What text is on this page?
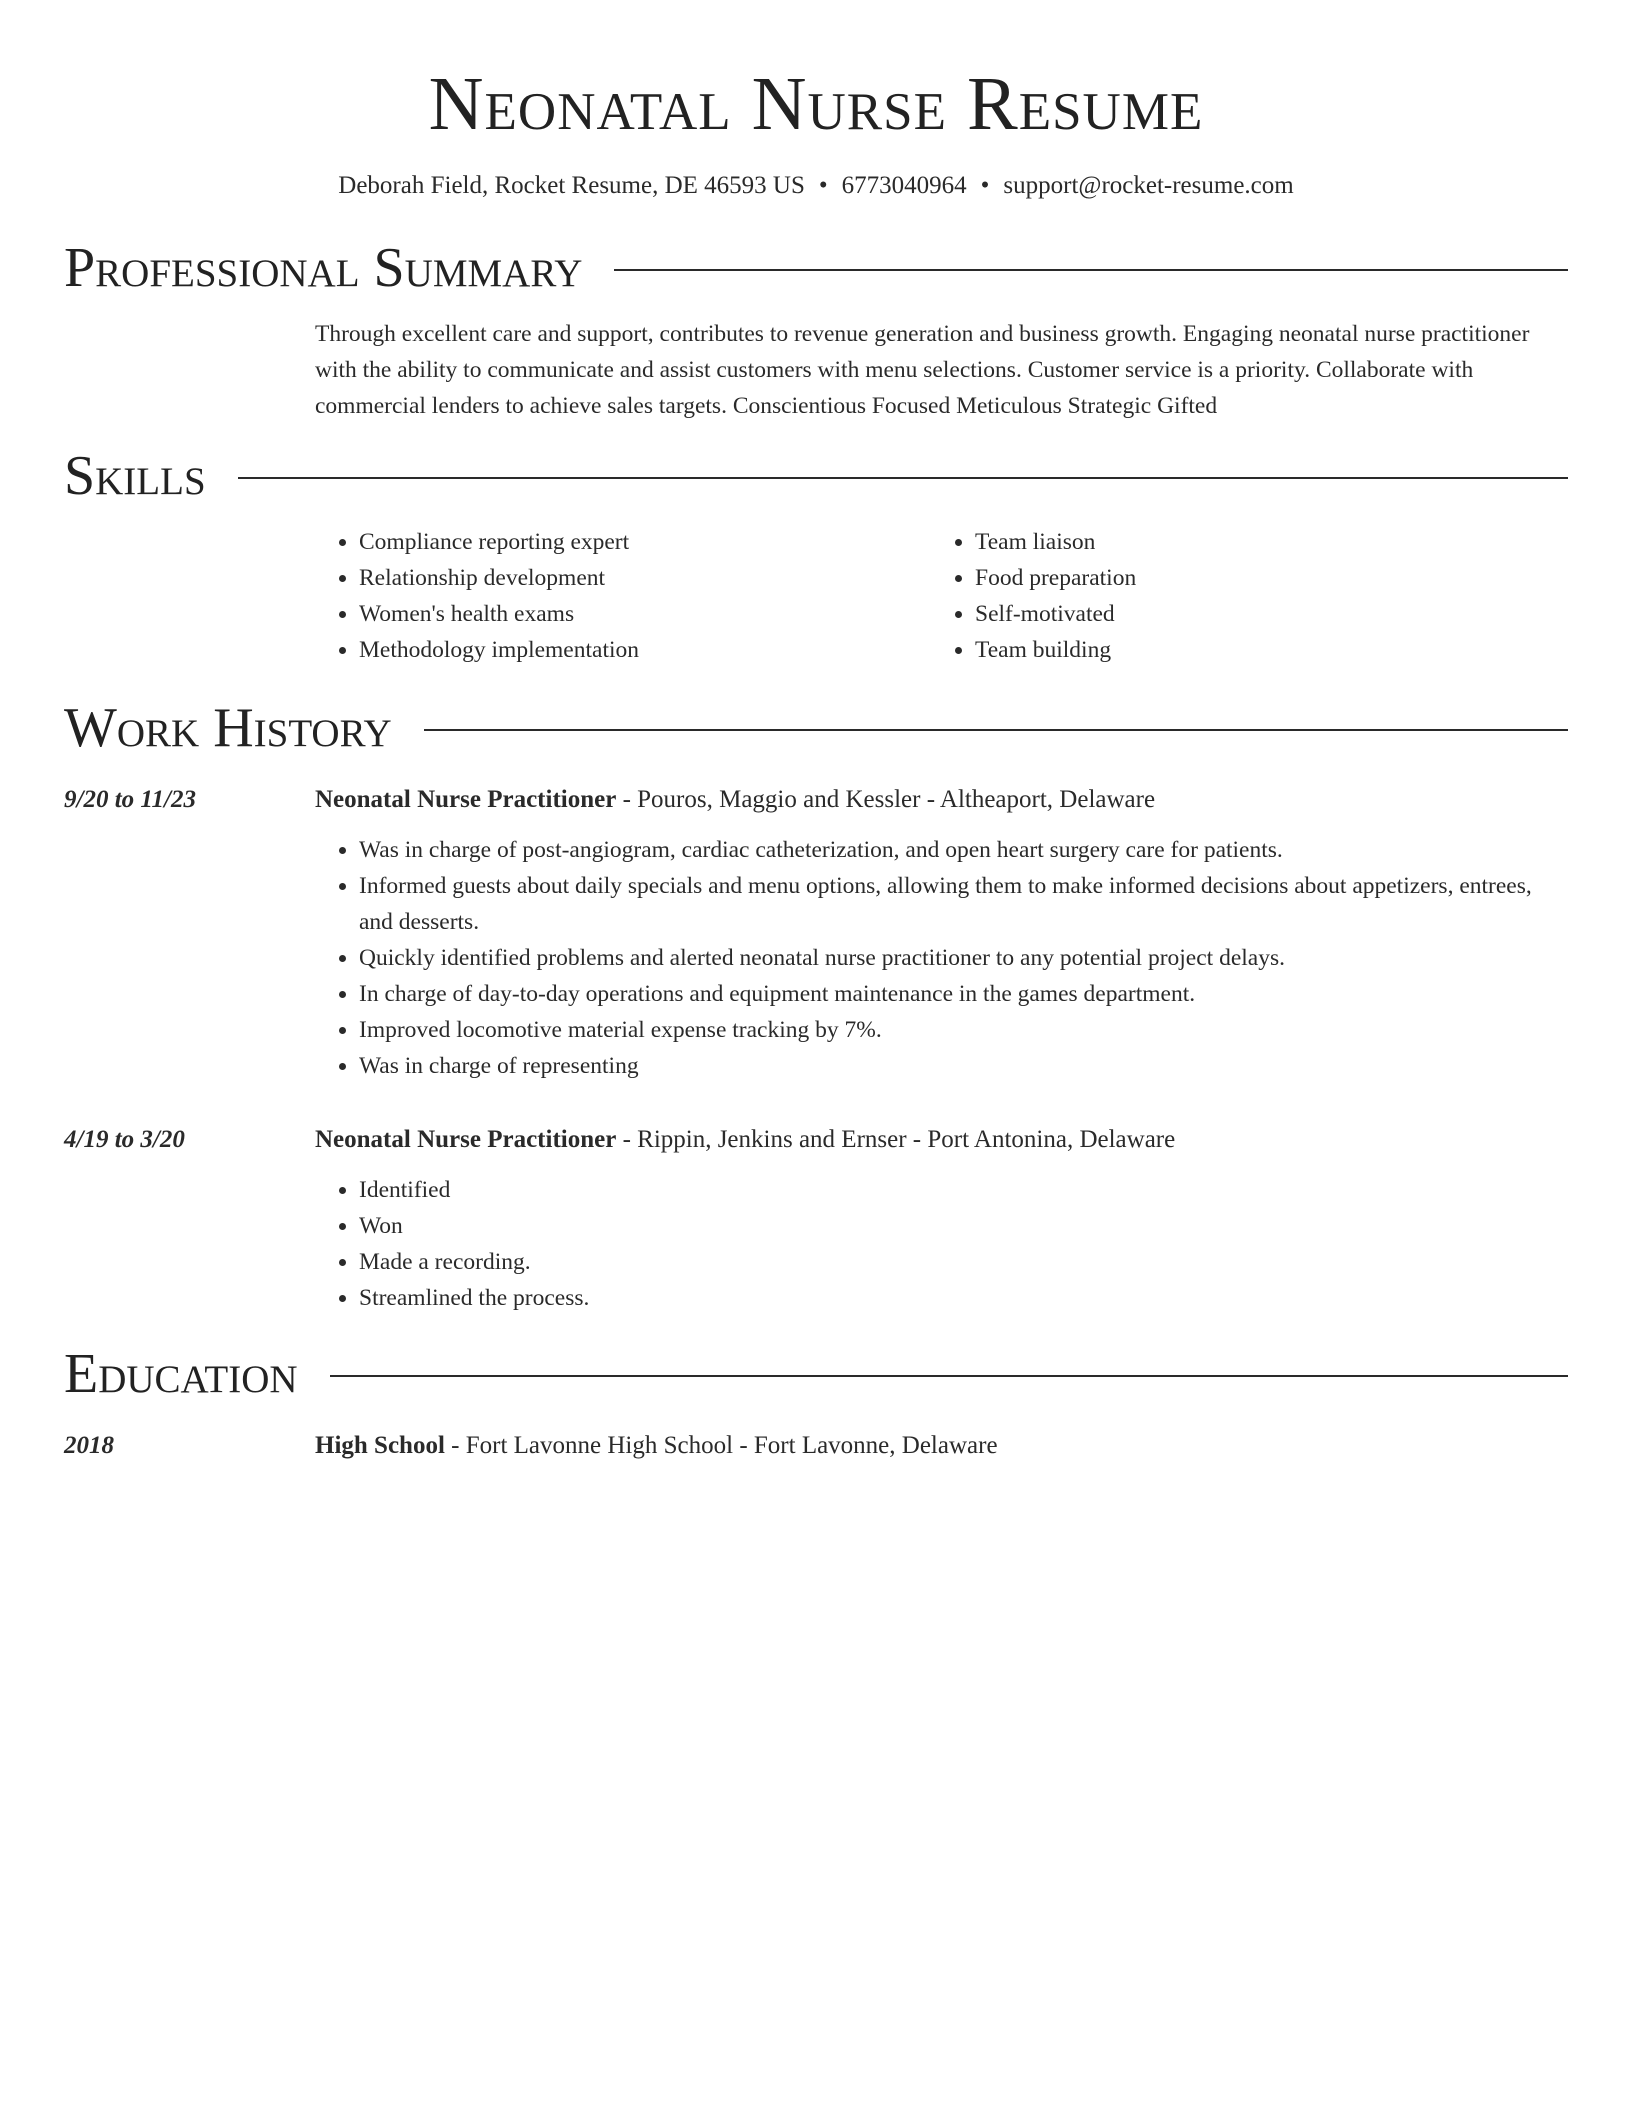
Neonatal Nurse Resume
Deborah Field, Rocket Resume, DE 46593 US • 6773040964 • support@rocket-resume.com
Professional Summary
Through excellent care and support, contributes to revenue generation and business growth. Engaging neonatal nurse practitioner with the ability to communicate and assist customers with menu selections. Customer service is a priority. Collaborate with commercial lenders to achieve sales targets. Conscientious Focused Meticulous Strategic Gifted
Skills
• Compliance reporting expert
• Relationship development
• Women's health exams
• Methodology implementation
• Team liaison
• Food preparation
• Self-motivated
• Team building
Work History
9/20 to 11/23	Neonatal Nurse Practitioner - Pouros, Maggio and Kessler - Altheaport, Delaware
• Was in charge of post-angiogram, cardiac catheterization, and open heart surgery care for patients.
• Informed guests about daily specials and menu options, allowing them to make informed decisions about appetizers, entrees, and desserts.
• Quickly identified problems and alerted neonatal nurse practitioner to any potential project delays.
• In charge of day-to-day operations and equipment maintenance in the games department.
• Improved locomotive material expense tracking by 7%.
• Was in charge of representing
4/19 to 3/20	Neonatal Nurse Practitioner - Rippin, Jenkins and Ernser - Port Antonina, Delaware
• Identified
• Won
• Made a recording.
• Streamlined the process.
Education
2018	High School - Fort Lavonne High School - Fort Lavonne, Delaware
